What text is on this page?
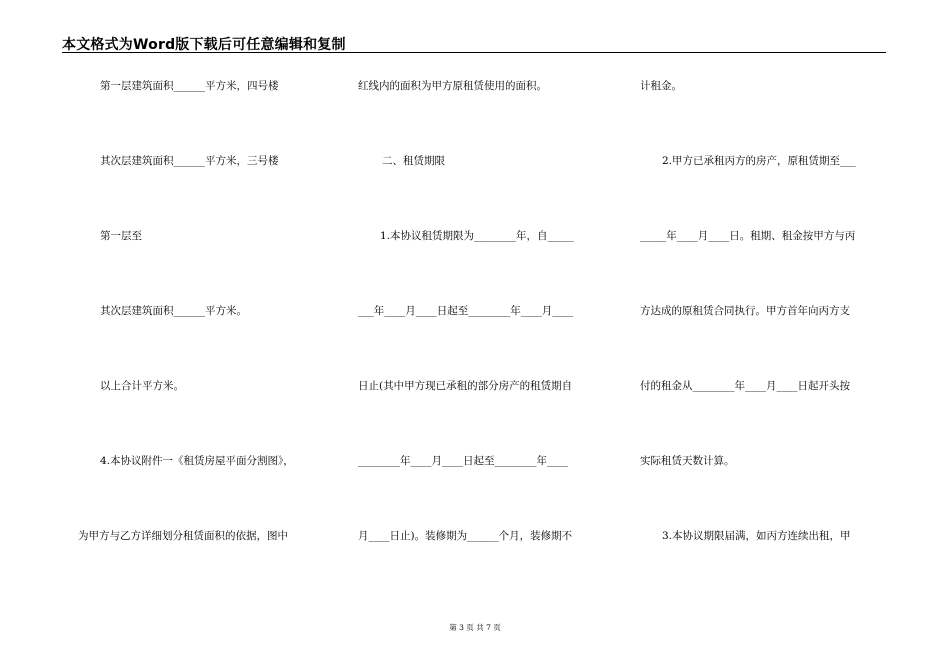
本文格式为Word版下载后可任意编辑和复制
第一层建筑面积______平方米，四号楼
其次层建筑面积______平方米，三号楼
第一层至
其次层建筑面积______平方米。
以上合计平方米。
4.本协议附件一《租赁房屋平面分割图》，
为甲方与乙方详细划分租赁面积的依据，图中
红线内的面积为甲方原租赁使用的面积。
二、租赁期限
1.本协议租赁期限为________年，自_____
___年____月____日起至________年____月____
日止(其中甲方现已承租的部分房产的租赁期自
________年____月____日起至________年____
月____日止)。装修期为______个月，装修期不
计租金。
2.甲方已承租丙方的房产，原租赁期至___
_____年____月____日。租期、租金按甲方与丙
方达成的原租赁合同执行。甲方首年向丙方支
付的租金从________年____月____日起开头按
实际租赁天数计算。
3.本协议期限届满，如丙方连续出租，甲
第 3 页 共 7 页
